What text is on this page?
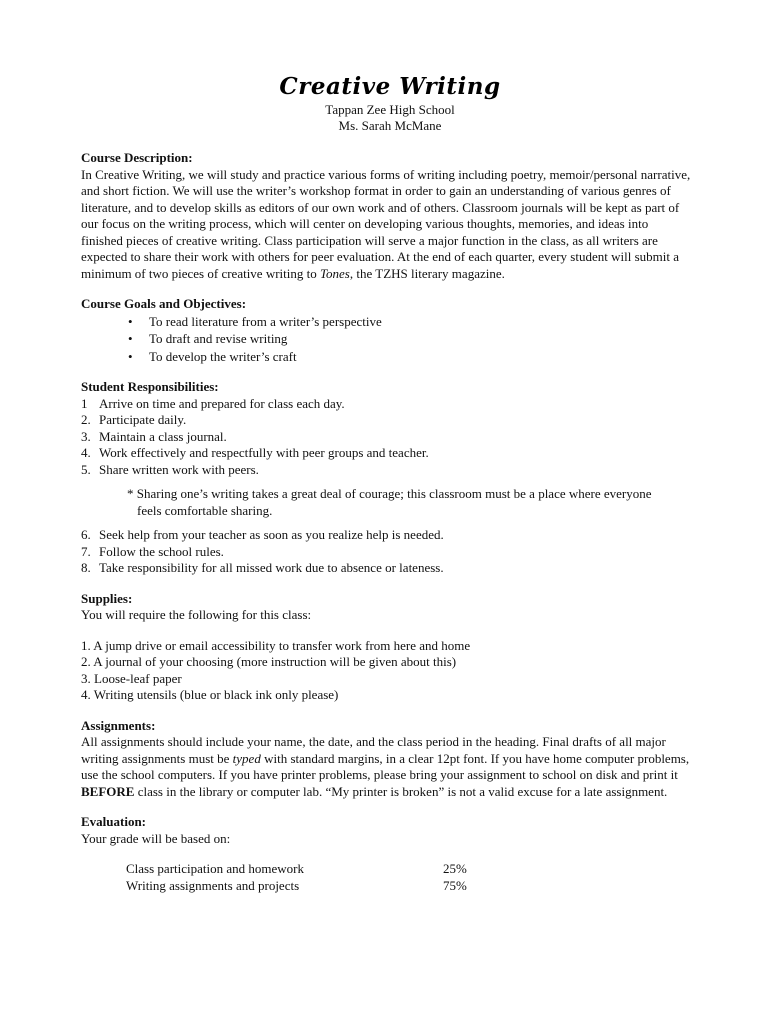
Creative Writing
Tappan Zee High School
Ms. Sarah McMane
Course Description:

In Creative Writing, we will study and practice various forms of writing including poetry, memoir/personal narrative, and short fiction. We will use the writer’s workshop format in order to gain an understanding of various genres of literature, and to develop skills as editors of our own work and of others. Classroom journals will be kept as part of our focus on the writing process, which will center on developing various thoughts, memories, and ideas into finished pieces of creative writing. Class participation will serve a major function in the class, as all writers are expected to share their work with others for peer evaluation. At the end of each quarter, every student will submit a minimum of two pieces of creative writing to Tones, the TZHS literary magazine.

Course Goals and Objectives:
• To read literature from a writer’s perspective
• To draft and revise writing
• To develop the writer’s craft
Student Responsibilities:
1 Arrive on time and prepared for class each day.
2. Participate daily.
3. Maintain a class journal.
4. Work effectively and respectfully with peer groups and teacher.
5. Share written work with peers.
* Sharing one’s writing takes a great deal of courage; this classroom must be a place where everyone
feels comfortable sharing.
6. Seek help from your teacher as soon as you realize help is needed.
7. Follow the school rules.
8. Take responsibility for all missed work due to absence or lateness.
Supplies:

You will require the following for this class:

1. A jump drive or email accessibility to transfer work from here and home

2. A journal of your choosing (more instruction will be given about this)

3. Loose-leaf paper

4. Writing utensils (blue or black ink only please)

Assignments:

All assignments should include your name, the date, and the class period in the heading. Final drafts of all major writing assignments must be typed with standard margins, in a clear 12pt font. If you have home computer problems, use the school computers. If you have printer problems, please bring your assignment to school on disk and print it BEFORE class in the library or computer lab. “My printer is broken” is not a valid excuse for a late assignment.

Evaluation:

Your grade will be based on:

Class participation and homework	25%
Writing assignments and projects	75%
